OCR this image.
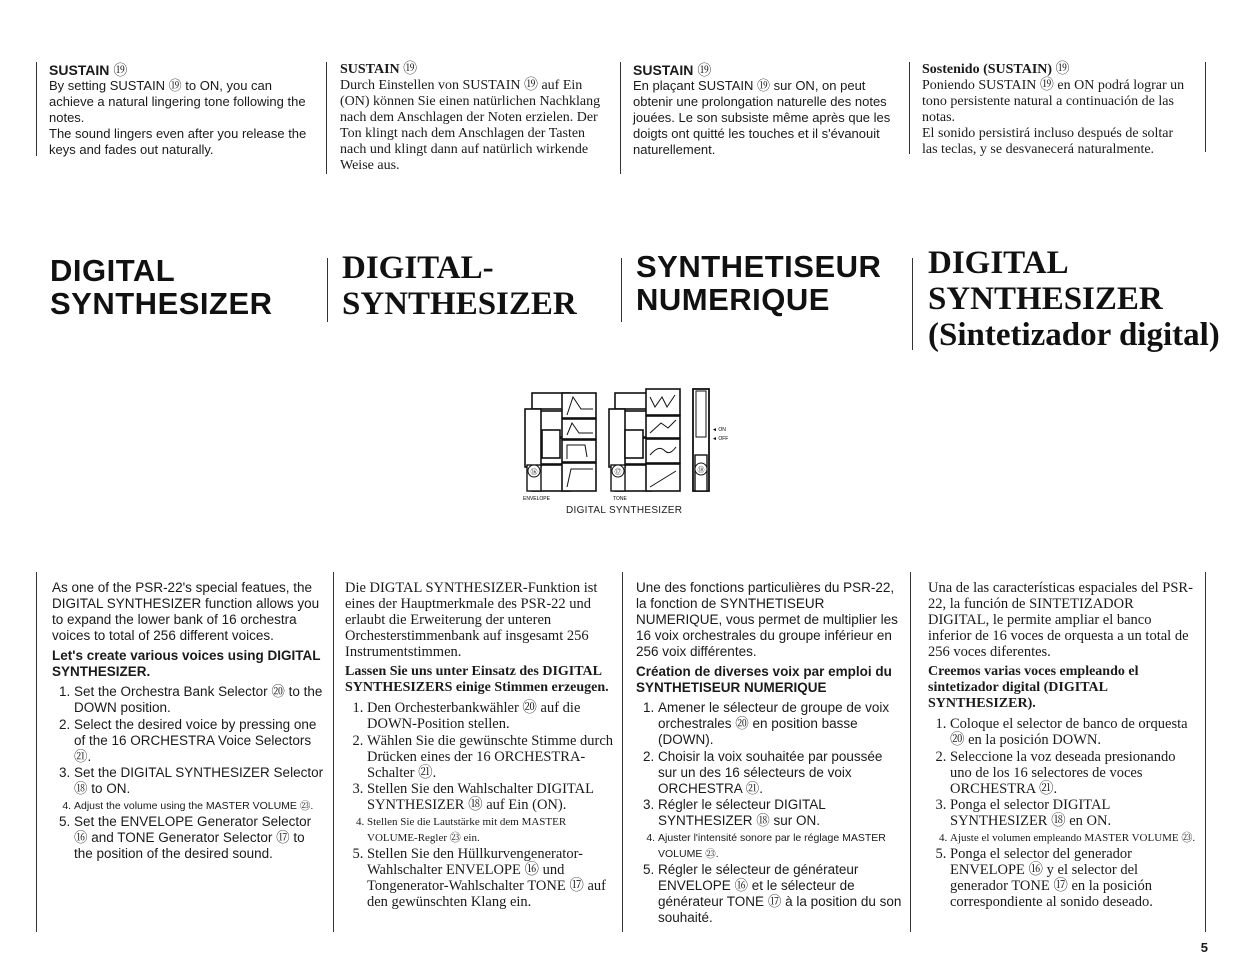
SUSTAIN ⑲

By setting SUSTAIN ⑲ to ON, you can achieve a natural lingering tone following the notes.

The sound lingers even after you release the keys and fades out naturally.

SUSTAIN ⑲

Durch Einstellen von SUSTAIN ⑲ auf Ein (ON) können Sie einen natürlichen Nachklang nach dem Anschlagen der Noten erzielen. Der Ton klingt nach dem Anschlagen der Tasten nach und klingt dann auf natürlich wirkende Weise aus.

SUSTAIN ⑲

En plaçant SUSTAIN ⑲ sur ON, on peut obtenir une prolongation naturelle des notes jouées. Le son subsiste même après que les doigts ont quitté les touches et il s'évanouit naturellement.

Sostenido (SUSTAIN) ⑲

Poniendo SUSTAIN ⑲ en ON podrá lograr un tono persistente natural a continuación de las notas.

El sonido persistirá incluso después de soltar las teclas, y se desvanecerá naturalmente.

DIGITAL
SYNTHESIZER
DIGITAL-
SYNTHESIZER
SYNTHETISEUR
NUMERIQUE
DIGITAL
SYNTHESIZER
(Sintetizador digital)
⑯
ENVELOPE
⑰
TONE
⑱
◄ ON
◄ OFF
DIGITAL SYNTHESIZER

As one of the PSR-22's special featues, the DIGITAL SYNTHESIZER function allows you to expand the lower bank of 16 orchestra voices to total of 256 different voices.

Let's create various voices using DIGITAL SYNTHESIZER.

1. Set the Orchestra Bank Selector ⑳ to the DOWN position.
2. Select the desired voice by pressing one of the 16 ORCHESTRA Voice Selectors ㉑.
3. Set the DIGITAL SYNTHESIZER Selector ⑱ to ON.
4. Adjust the volume using the MASTER VOLUME ㉓.
5. Set the ENVELOPE Generator Selector ⑯ and TONE Generator Selector ⑰ to the position of the desired sound.

Die DIGTAL SYNTHESIZER-Funktion ist eines der Hauptmerkmale des PSR-22 und erlaubt die Erweiterung der unteren Orchesterstimmenbank auf insgesamt 256 Instrumentstimmen.

Lassen Sie uns unter Einsatz des DIGITAL SYNTHESIZERS einige Stimmen erzeugen.

1. Den Orchesterbankwähler ⑳ auf die DOWN-Position stellen.
2. Wählen Sie die gewünschte Stimme durch Drücken eines der 16 ORCHESTRA-Schalter ㉑.
3. Stellen Sie den Wahlschalter DIGITAL SYNTHESIZER ⑱ auf Ein (ON).
4. Stellen Sie die Lautstärke mit dem MASTER VOLUME-Regler ㉓ ein.
5. Stellen Sie den Hüllkurvengenerator-Wahlschalter ENVELOPE ⑯ und Tongenerator-Wahlschalter TONE ⑰ auf den gewünschten Klang ein.

Une des fonctions particulières du PSR-22, la fonction de SYNTHETISEUR NUMERIQUE, vous permet de multiplier les 16 voix orchestrales du groupe inférieur en 256 voix différentes.

Création de diverses voix par emploi du SYNTHETISEUR NUMERIQUE

1. Amener le sélecteur de groupe de voix orchestrales ⑳ en position basse (DOWN).
2. Choisir la voix souhaitée par poussée sur un des 16 sélecteurs de voix ORCHESTRA ㉑.
3. Régler le sélecteur DIGITAL SYNTHESIZER ⑱ sur ON.
4. Ajuster l'intensité sonore par le réglage MASTER VOLUME ㉓.
5. Régler le sélecteur de générateur ENVELOPE ⑯ et le sélecteur de générateur TONE ⑰ à la position du son souhaité.

Una de las características espaciales del PSR-22, la función de SINTETIZADOR DIGITAL, le permite ampliar el banco inferior de 16 voces de orquesta a un total de 256 voces diferentes.

Creemos varias voces empleando el sintetizador digital (DIGITAL SYNTHESIZER).

1. Coloque el selector de banco de orquesta ⑳ en la posición DOWN.
2. Seleccione la voz deseada presionando uno de los 16 selectores de voces ORCHESTRA ㉑.
3. Ponga el selector DIGITAL SYNTHESIZER ⑱ en ON.
4. Ajuste el volumen empleando MASTER VOLUME ㉓.
5. Ponga el selector del generador ENVELOPE ⑯ y el selector del generador TONE ⑰ en la posición correspondiente al sonido deseado.
5
